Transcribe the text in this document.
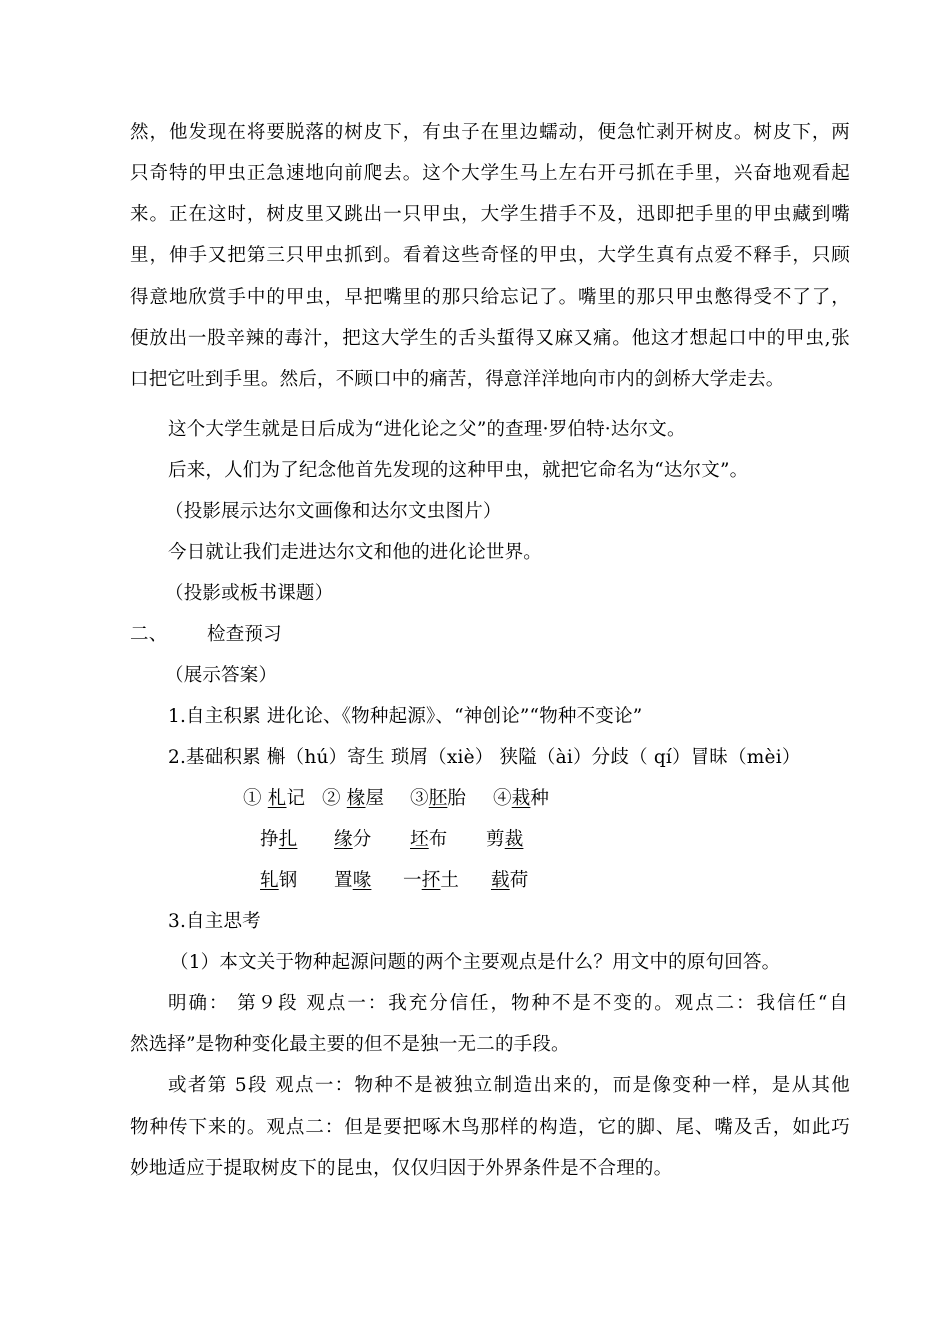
然，他发现在将要脱落的树皮下，有虫子在里边蠕动，便急忙剥开树皮。树皮下，两
只奇特的甲虫正急速地向前爬去。这个大学生马上左右开弓抓在手里，兴奋地观看起
来。正在这时，树皮里又跳出一只甲虫，大学生措手不及，迅即把手里的甲虫藏到嘴
里，伸手又把第三只甲虫抓到。看着这些奇怪的甲虫，大学生真有点爱不释手，只顾
得意地欣赏手中的甲虫，早把嘴里的那只给忘记了。嘴里的那只甲虫憋得受不了了，
便放出一股辛辣的毒汁，把这大学生的舌头蜇得又麻又痛。他这才想起口中的甲虫,张
口把它吐到手里。然后，不顾口中的痛苦，得意洋洋地向市内的剑桥大学走去。
这个大学生就是日后成为“进化论之父”的查理·罗伯特·达尔文。
后来，人们为了纪念他首先发现的这种甲虫，就把它命名为“达尔文”。
（投影展示达尔文画像和达尔文虫图片）
今日就让我们走进达尔文和他的进化论世界。
（投影或板书课题）
二、 检查预习
（展示答案）
1.自主积累 进化论、《物种起源》、“神创论”“物种不变论”
2.基础积累 槲（hú）寄生 琐屑（xiè） 狭隘（ài）分歧（ qí）冒昧（mèi）
① 札记 ② 椽屋 ③胚胎 ④栽种
挣扎 缘分 坯布 剪裁
轧钢 置喙 一抔土 载荷
3.自主思考
（1）本文关于物种起源问题的两个主要观点是什么？用文中的原句回答。
明确： 第９段 观点一：我充分信任，物种不是不变的。观点二：我信任“自
然选择”是物种变化最主要的但不是独一无二的手段。
或者第 5段 观点一：物种不是被独立制造出来的，而是像变种一样，是从其他
物种传下来的。观点二：但是要把啄木鸟那样的构造，它的脚、尾、嘴及舌，如此巧
妙地适应于提取树皮下的昆虫，仅仅归因于外界条件是不合理的。
